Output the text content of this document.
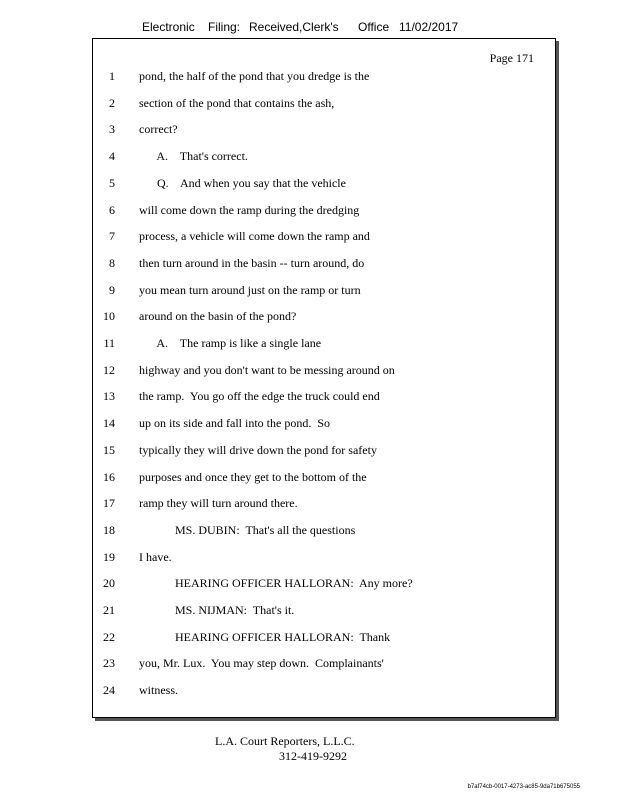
Electronic Filing: Received,Clerk's Office 11/02/2017
Page 171
1 pond, the half of the pond that you dredge is the
2 section of the pond that contains the ash,
3 correct?
4 A.    That's correct.
5 Q.    And when you say that the vehicle
6 will come down the ramp during the dredging
7 process, a vehicle will come down the ramp and
8 then turn around in the basin -- turn around, do
9 you mean turn around just on the ramp or turn
10 around on the basin of the pond?
11 A.    The ramp is like a single lane
12 highway and you don't want to be messing around on
13 the ramp.  You go off the edge the truck could end
14 up on its side and fall into the pond.  So
15 typically they will drive down the pond for safety
16 purposes and once they get to the bottom of the
17 ramp they will turn around there.
18 MS. DUBIN:  That's all the questions
19 I have.
20 HEARING OFFICER HALLORAN:  Any more?
21 MS. NIJMAN:  That's it.
22 HEARING OFFICER HALLORAN:  Thank
23 you, Mr. Lux.  You may step down.  Complainants'
24 witness.
L.A. Court Reporters, L.L.C.
312-419-9292
b7af74cb-0017-4273-ac85-9da71b675055
